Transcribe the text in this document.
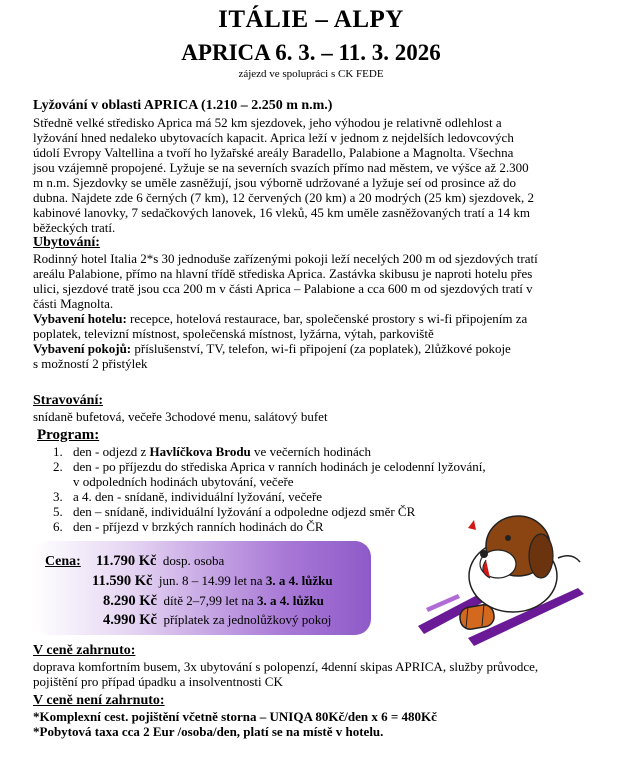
ITÁLIE – ALPY
APRICA 6. 3. – 11. 3. 2026
zájezd ve spolupráci s CK FEDE
Lyžování v oblasti APRICA (1.210 – 2.250 m n.m.)
Středně velké středisko Aprica má 52 km sjezdovek, jeho výhodou je relativně odlehlost a
lyžování hned nedaleko ubytovacích kapacit. Aprica leží v jednom z nejdelších ledovcových
údolí Evropy Valtellina a tvoří ho lyžařské areály Baradello, Palabione a Magnolta. Všechna
jsou vzájemně propojené. Lyžuje se na severních svazích přímo nad městem, ve výšce až 2.300
m n.m. Sjezdovky se uměle zasněžují, jsou výborně udržované a lyžuje seí od prosince až do
dubna. Najdete zde 6 černých (7 km), 12 červených (20 km) a 20 modrých (25 km) sjezdovek, 2
kabinové lanovky, 7 sedačkových lanovek, 16 vleků, 45 km uměle zasněžovaných tratí a 14 km
běžeckých tratí.
Ubytování:
Rodinný hotel Italia 2*s 30 jednoduše zařízenými pokoji leží necelých 200 m od sjezdových tratí
areálu Palabione, přímo na hlavní třídě střediska Aprica. Zastávka skibusu je naproti hotelu přes
ulici, sjezdové tratě jsou cca 200 m v části Aprica – Palabione a cca 600 m od sjezdových tratí v
části Magnolta.
Vybavení hotelu: recepce, hotelová restaurace, bar, společenské prostory s wi-fi připojením za
poplatek, televizní místnost, společenská místnost, lyžárna, výtah, parkoviště
Vybavení pokojů: příslušenství, TV, telefon, wi-fi připojení (za poplatek), 2lůžkové pokoje
s možností 2 přistýlek
Stravování:
snídaně bufetová, večeře 3chodové menu, salátový bufet
Program:
1. den - odjezd z Havlíčkova Brodu ve večerních hodinách
2. den - po příjezdu do střediska Aprica v ranních hodinách je celodenní lyžování,
v odpoledních hodinách ubytování, večeře
3. a 4. den - snídaně, individuální lyžování, večeře
5. den – snídaně, individuální lyžování a odpoledne odjezd směr ČR
6. den - příjezd v brzkých ranních hodinách do ČR
Cena: 11.790 Kč dosp. osoba
11.590 Kč jun. 8 – 14.99 let na 3. a 4. lůžku
8.290 Kč dítě 2–7,99 let na 3. a 4. lůžku
4.990 Kč příplatek za jednolůžkový pokoj
V ceně zahrnuto:
doprava komfortním busem, 3x ubytování s polopenzí, 4denní skipas APRICA, služby průvodce,
pojištění pro případ úpadku a insolventnosti CK
V ceně není zahrnuto:
*Komplexní cest. pojištění včetně storna – UNIQA 80Kč/den x 6 = 480Kč
*Pobytová taxa cca 2 Eur /osoba/den, platí se na místě v hotelu.
